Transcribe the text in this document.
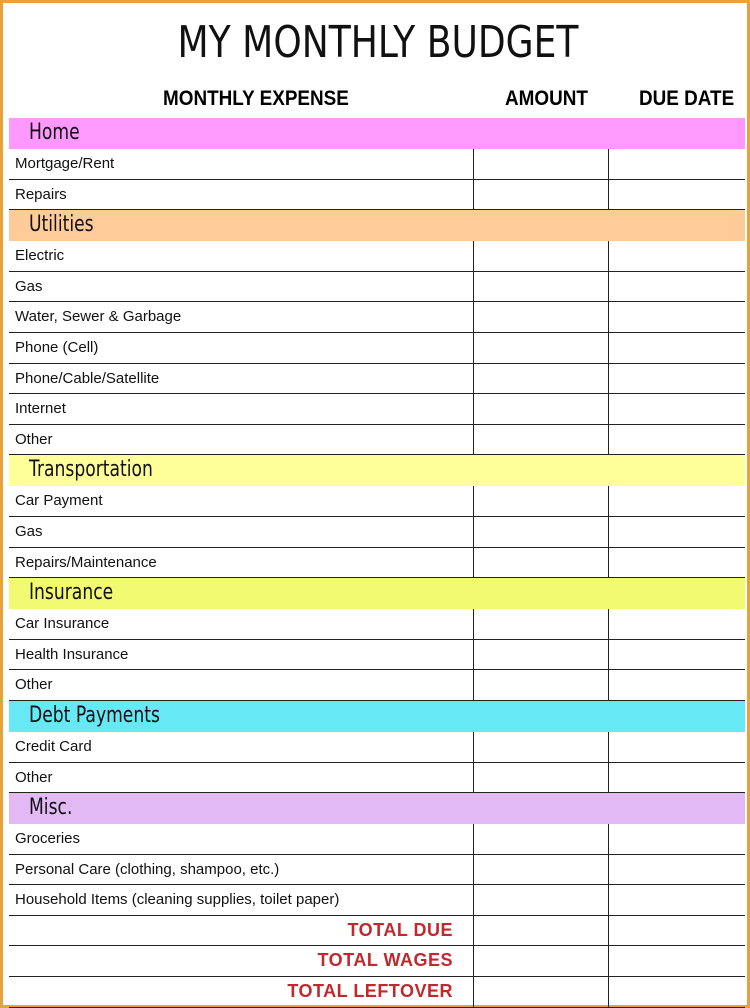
MY MONTHLY BUDGET
MONTHLY EXPENSE	AMOUNT DUE DATE
Home
Mortgage/Rent
Repairs
Utilities
Electric
Gas
Water, Sewer & Garbage
Phone (Cell)
Phone/Cable/Satellite
Internet
Other
Transportation
Car Payment
Gas
Repairs/Maintenance
Insurance
Car Insurance
Health Insurance
Other
Debt Payments
Credit Card
Other
Misc.
Groceries
Personal Care (clothing, shampoo, etc.)
Household Items (cleaning supplies, toilet paper)
TOTAL DUE
TOTAL WAGES
TOTAL LEFTOVER
